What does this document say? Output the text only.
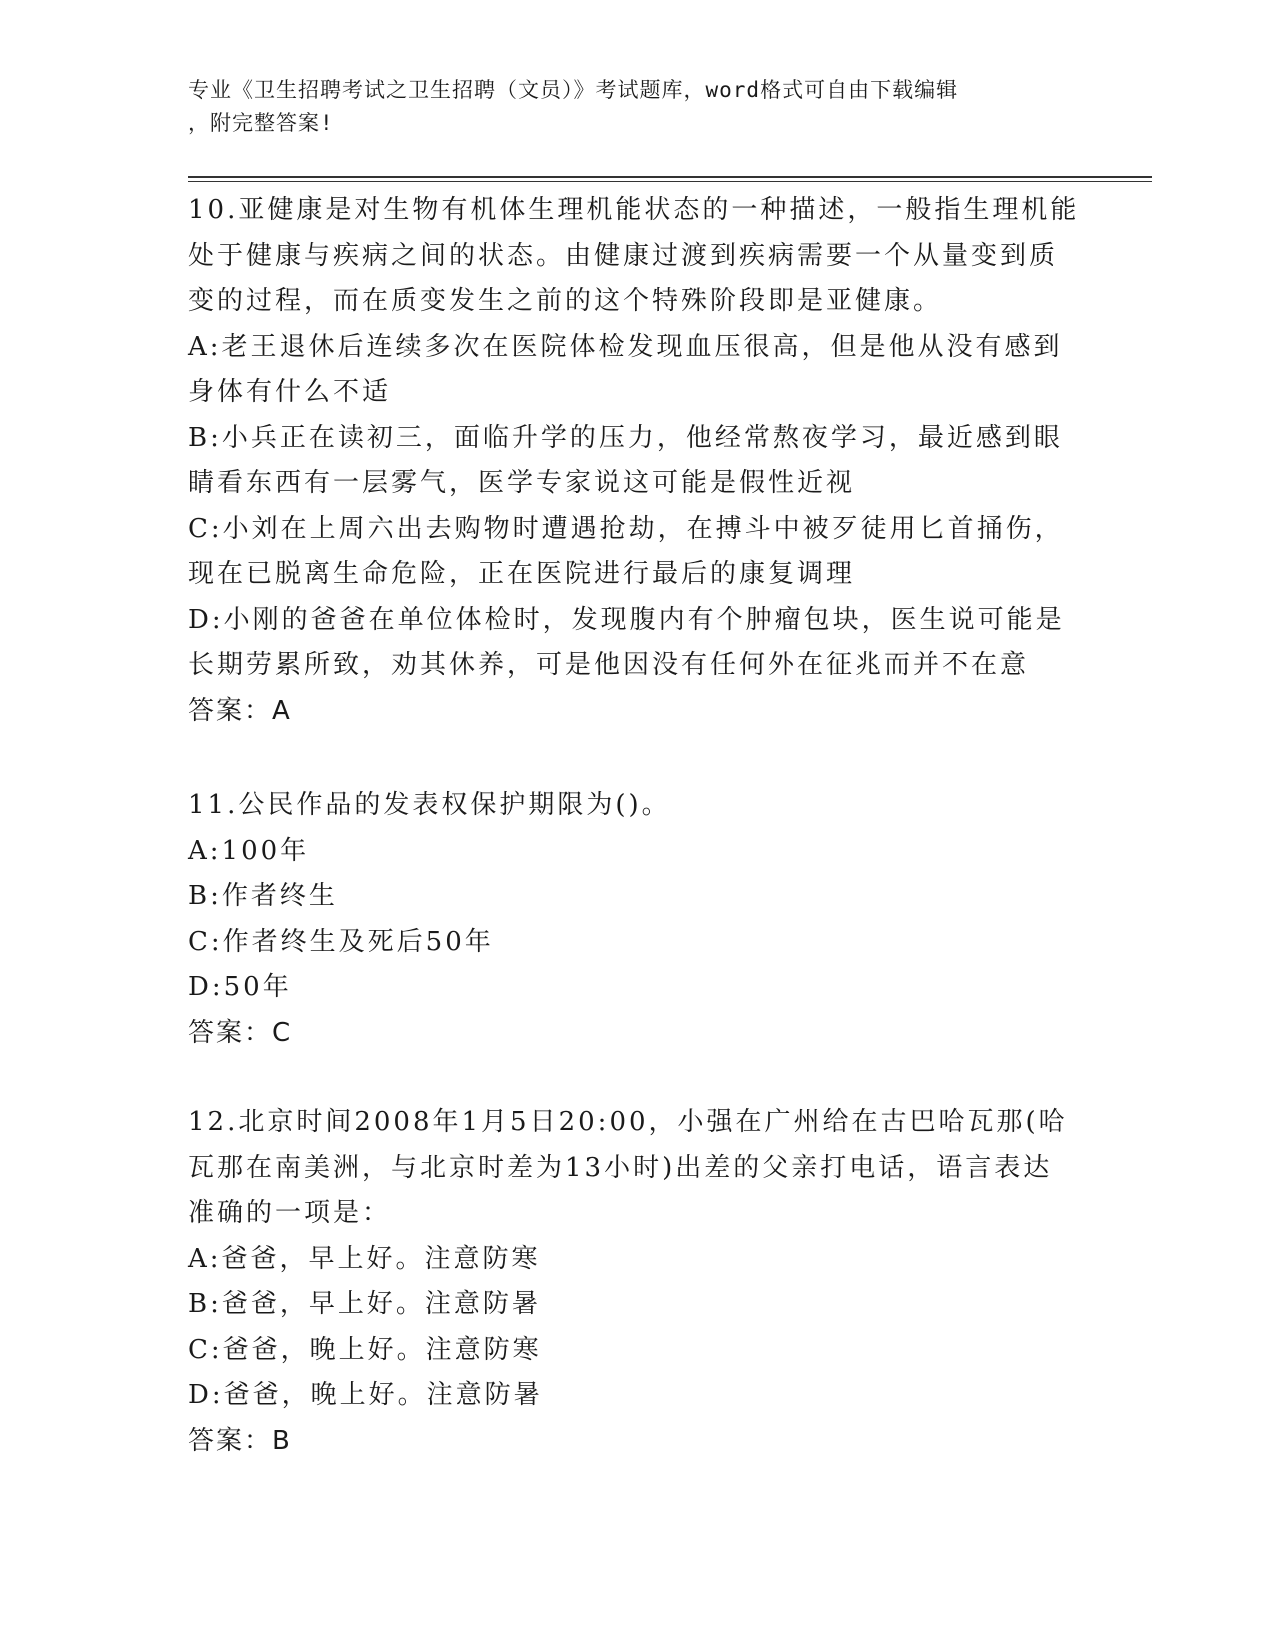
专业《卫生招聘考试之卫生招聘（文员）》考试题库，word格式可自由下载编辑
，附完整答案!

10.亚健康是对生物有机体生理机能状态的一种描述，一般指生理机能

处于健康与疾病之间的状态。由健康过渡到疾病需要一个从量变到质

变的过程，而在质变发生之前的这个特殊阶段即是亚健康。

A:老王退休后连续多次在医院体检发现血压很高，但是他从没有感到

身体有什么不适

B:小兵正在读初三，面临升学的压力，他经常熬夜学习，最近感到眼

睛看东西有一层雾气，医学专家说这可能是假性近视

C:小刘在上周六出去购物时遭遇抢劫，在搏斗中被歹徒用匕首捅伤，

现在已脱离生命危险，正在医院进行最后的康复调理

D:小刚的爸爸在单位体检时，发现腹内有个肿瘤包块，医生说可能是

长期劳累所致，劝其休养，可是他因没有任何外在征兆而并不在意

答案：A

11.公民作品的发表权保护期限为()。

A:100年

B:作者终生

C:作者终生及死后50年

D:50年

答案：C

12.北京时间2008年1月5日20:00，小强在广州给在古巴哈瓦那(哈

瓦那在南美洲，与北京时差为13小时)出差的父亲打电话，语言表达

准确的一项是：

A:爸爸，早上好。注意防寒

B:爸爸，早上好。注意防暑

C:爸爸，晚上好。注意防寒

D:爸爸，晚上好。注意防暑

答案：B
